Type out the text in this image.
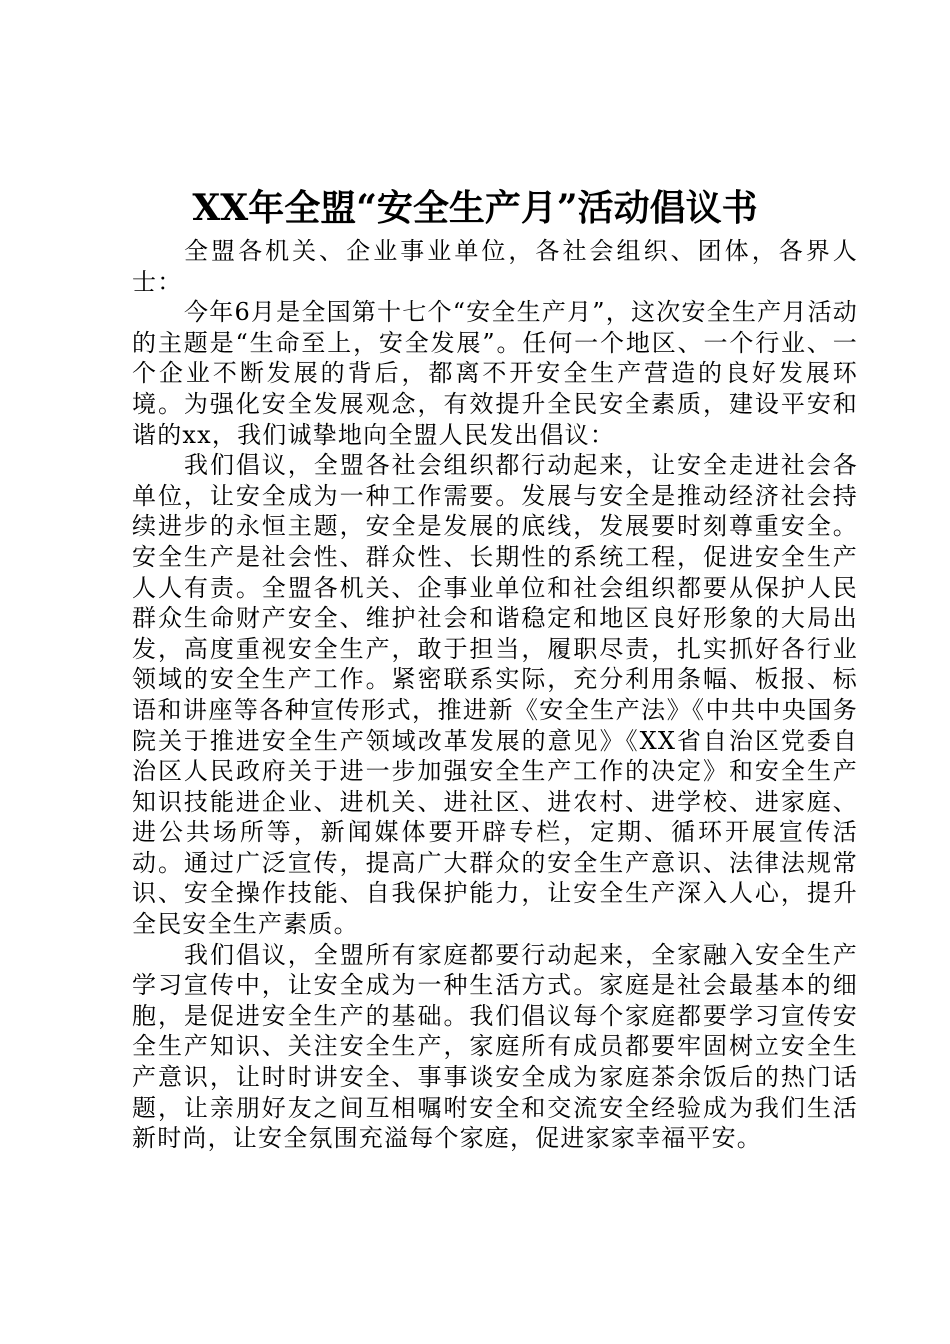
XX年全盟“安全生产月”活动倡议书

全盟各机关、企业事业单位，各社会组织、团体，各界人士：

今年6月是全国第十七个“安全生产月”，这次安全生产月活动的主题是“生命至上，安全发展”。任何一个地区、一个行业、一个企业不断发展的背后，都离不开安全生产营造的良好发展环境。为强化安全发展观念，有效提升全民安全素质，建设平安和谐的xx，我们诚挚地向全盟人民发出倡议：

我们倡议，全盟各社会组织都行动起来，让安全走进社会各单位，让安全成为一种工作需要。发展与安全是推动经济社会持续进步的永恒主题，安全是发展的底线，发展要时刻尊重安全。安全生产是社会性、群众性、长期性的系统工程，促进安全生产人人有责。全盟各机关、企事业单位和社会组织都要从保护人民群众生命财产安全、维护社会和谐稳定和地区良好形象的大局出发，高度重视安全生产，敢于担当，履职尽责，扎实抓好各行业领域的安全生产工作。紧密联系实际，充分利用条幅、板报、标语和讲座等各种宣传形式，推进新《安全生产法》《中共中央国务院关于推进安全生产领域改革发展的意见》《XX省自治区党委自治区人民政府关于进一步加强安全生产工作的决定》和安全生产知识技能进企业、进机关、进社区、进农村、进学校、进家庭、进公共场所等，新闻媒体要开辟专栏，定期、循环开展宣传活动。通过广泛宣传，提高广大群众的安全生产意识、法律法规常识、安全操作技能、自我保护能力，让安全生产深入人心，提升全民安全生产素质。

我们倡议，全盟所有家庭都要行动起来，全家融入安全生产学习宣传中，让安全成为一种生活方式。家庭是社会最基本的细胞，是促进安全生产的基础。我们倡议每个家庭都要学习宣传安全生产知识、关注安全生产，家庭所有成员都要牢固树立安全生产意识，让时时讲安全、事事谈安全成为家庭茶余饭后的热门话题，让亲朋好友之间互相嘱咐安全和交流安全经验成为我们生活新时尚，让安全氛围充溢每个家庭，促进家家幸福平安。
